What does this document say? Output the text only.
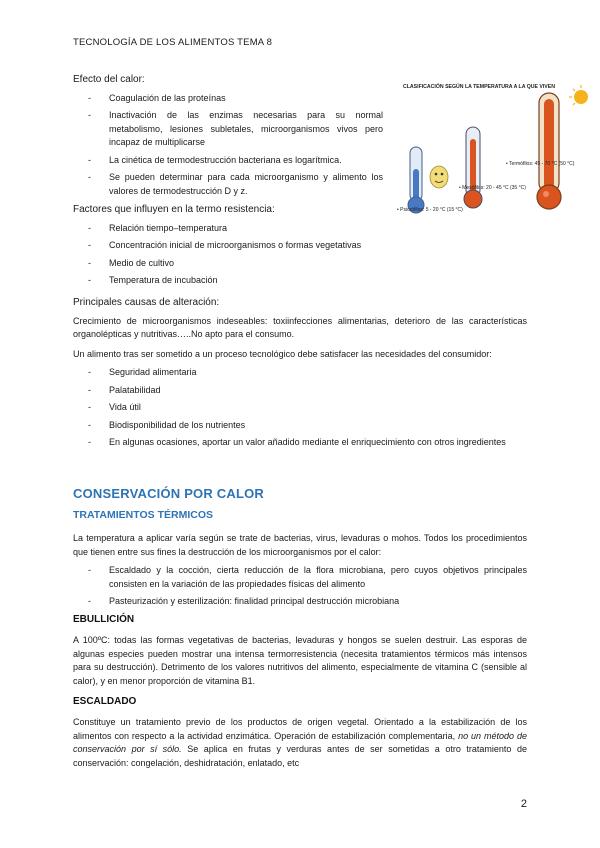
TECNOLOGÍA DE LOS ALIMENTOS TEMA 8
Efecto del calor:
- Coagulación de las proteínas
- Inactivación de las enzimas necesarias para su normal metabolismo, lesiones subletales, microorganismos vivos pero incapaz de multiplicarse
- La cinética de termodestrucción bacteriana es logarítmica.
- Se pueden determinar para cada microorganismo y alimento los valores de termodestrucción D y z.
CLASIFICACIÓN SEGÚN LA TEMPERATURA A LA QUE VIVEN
• Termófilos: 45 - 70 °C (50 °C)
• Mesófilos: 20 - 45 °C (35 °C)
• Psicrófilos: 5 - 20 °C (15 °C)
Factores que influyen en la termo resistencia:
- Relación tiempo–temperatura
- Concentración inicial de microorganismos o formas vegetativas
- Medio de cultivo
- Temperatura de incubación
Principales causas de alteración:
Crecimiento de microorganismos indeseables: toxiinfecciones alimentarias, deterioro de las características organolépticas y nutritivas…..No apto para el consumo.
Un alimento tras ser sometido a un proceso tecnológico debe satisfacer las necesidades del consumidor:
- Seguridad alimentaria
- Palatabilidad
- Vida útil
- Biodisponibilidad de los nutrientes
- En algunas ocasiones, aportar un valor añadido mediante el enriquecimiento con otros ingredientes
CONSERVACIÓN POR CALOR
TRATAMIENTOS TÉRMICOS
La temperatura a aplicar varía según se trate de bacterias, virus, levaduras o mohos. Todos los procedimientos que tienen entre sus fines la destrucción de los microorganismos por el calor:
- Escaldado y la cocción, cierta reducción de la flora microbiana, pero cuyos objetivos principales consisten en la variación de las propiedades físicas del alimento
- Pasteurización y esterilización: finalidad principal destrucción microbiana
EBULLICIÓN
A 100ºC: todas las formas vegetativas de bacterias, levaduras y hongos se suelen destruir. Las esporas de algunas especies pueden mostrar una intensa termorresistencia (necesita tratamientos térmicos más intensos para su destrucción). Detrimento de los valores nutritivos del alimento, especialmente de vitamina C (sensible al calor), y en menor proporción de vitamina B1.
ESCALDADO
Constituye un tratamiento previo de los productos de origen vegetal. Orientado a la estabilización de los alimentos con respecto a la actividad enzimática. Operación de estabilización complementaria, no un método de conservación por sí sólo. Se aplica en frutas y verduras antes de ser sometidas a otro tratamiento de conservación: congelación, deshidratación, enlatado, etc
2
